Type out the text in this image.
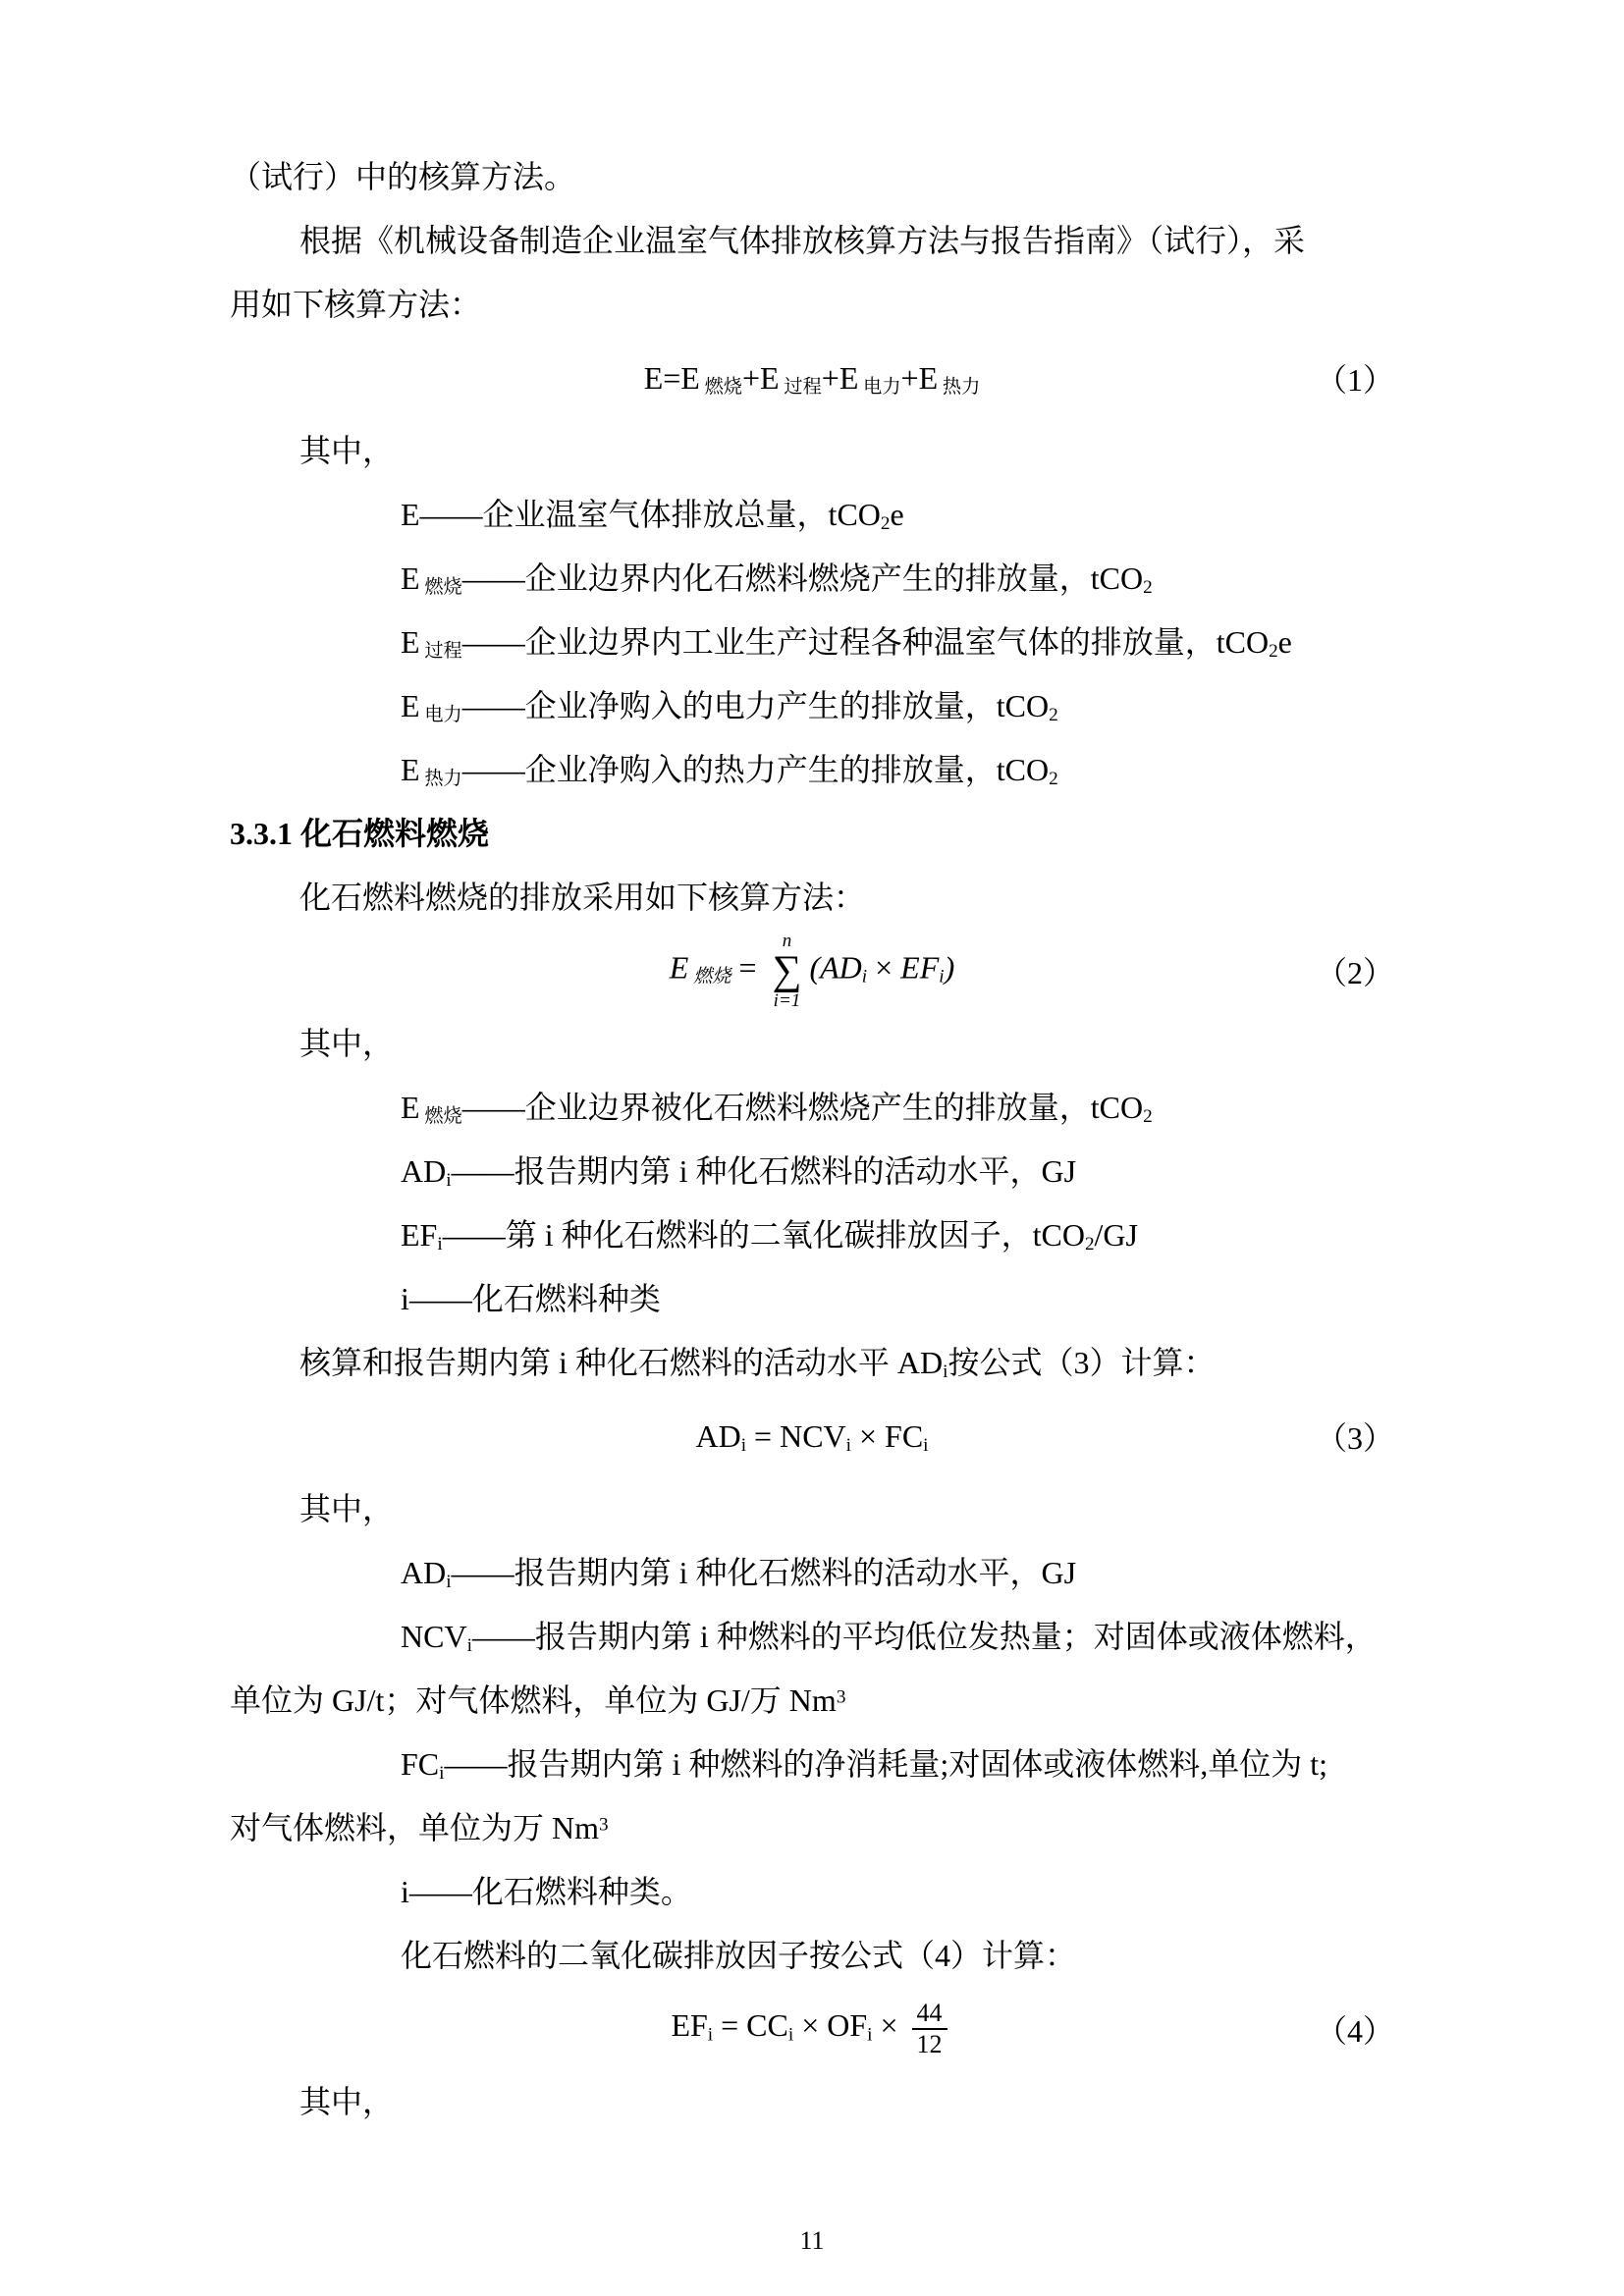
（试行）中的核算方法。
根据《机械设备制造企业温室气体排放核算方法与报告指南》（试行），采
用如下核算方法：
E=E $_{燃烧}$+E $_{过程}$+E $_{电力}$+E $_{热力}$	（1）
其中，
E——企业温室气体排放总量，tCO$_2$e
E $_{燃烧}$——企业边界内化石燃料燃烧产生的排放量，tCO$_2$
E $_{过程}$——企业边界内工业生产过程各种温室气体的排放量，tCO$_2$e
E $_{电力}$——企业净购入的电力产生的排放量，tCO$_2$
E $_{热力}$——企业净购入的热力产生的排放量，tCO$_2$
3.3.1 化石燃料燃烧
化石燃料燃烧的排放采用如下核算方法：
E $_{燃烧}$ =
n
∑
i=1
$(AD_i \times EF_i)$	（2）
其中，
E $_{燃烧}$——企业边界被化石燃料燃烧产生的排放量，tCO$_2$
$AD_i——$报告期内第 i 种化石燃料的活动水平，GJ
$EF_i——$第 i 种化石燃料的二氧化碳排放因子，tCO$_2$/GJ
i——化石燃料种类
核算和报告期内第 i 种化石燃料的活动水平 $AD_i$按公式（3）计算：
$AD_i = NCV_i \times FC_i$	（3）
其中，
$AD_i——$报告期内第 i 种化石燃料的活动水平，GJ
$NCV_i——$报告期内第 i 种燃料的平均低位发热量；对固体或液体燃料，
单位为 GJ/t；对气体燃料，单位为 GJ/万 Nm$^3$
$FC_i——$报告期内第 i 种燃料的净消耗量;对固体或液体燃料,单位为 t;
对气体燃料，单位为万 Nm$^3$
i——化石燃料种类。
化石燃料的二氧化碳排放因子按公式（4）计算：
$EF_i = CC_i \times OF_i \times \frac{44}{12}$	（4）
其中，
11
